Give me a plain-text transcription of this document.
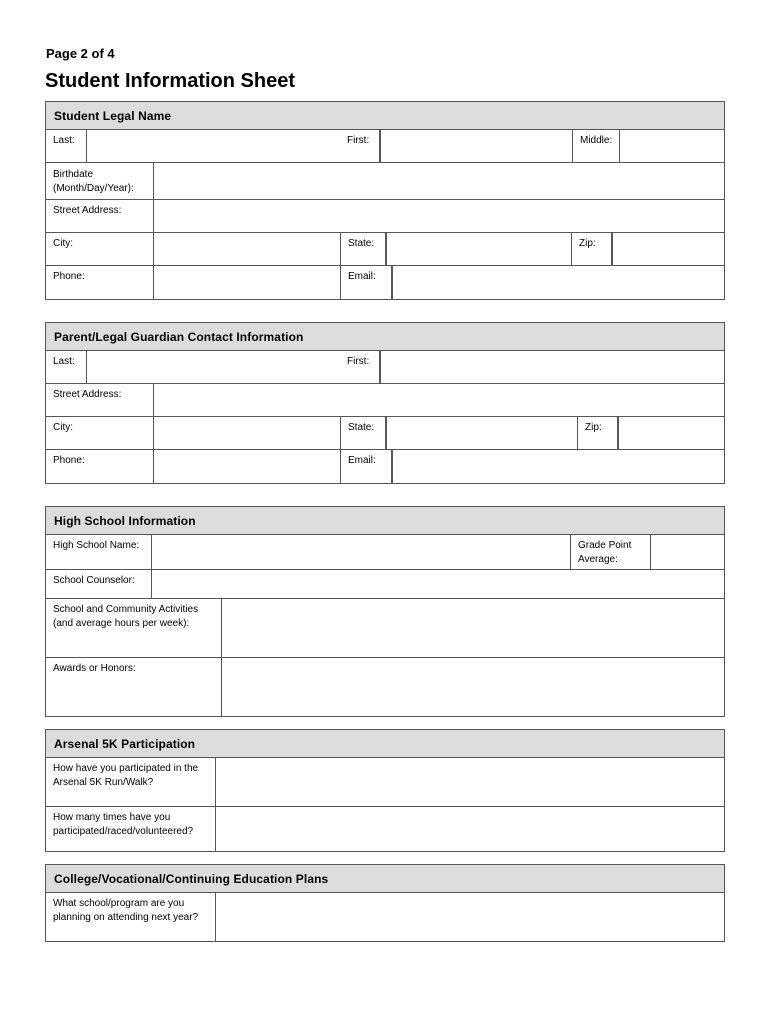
Page 2 of 4
Student Information Sheet
Student Legal Name
Last:	First:	Middle:
Birthdate
(Month/Day/Year):
Street Address:
City:	State:	Zip:
Phone:	Email:
Parent/Legal Guardian Contact Information
Last:	First:
Street Address:
City:	State:	Zip:
Phone:	Email:
High School Information
High School Name:	Grade Point
Average:
School Counselor:
School and Community Activities
(and average hours per week):
Awards or Honors:
Arsenal 5K Participation
How have you participated in the
Arsenal 5K Run/Walk?
How many times have you
participated/raced/volunteered?
College/Vocational/Continuing Education Plans
What school/program are you
planning on attending next year?
